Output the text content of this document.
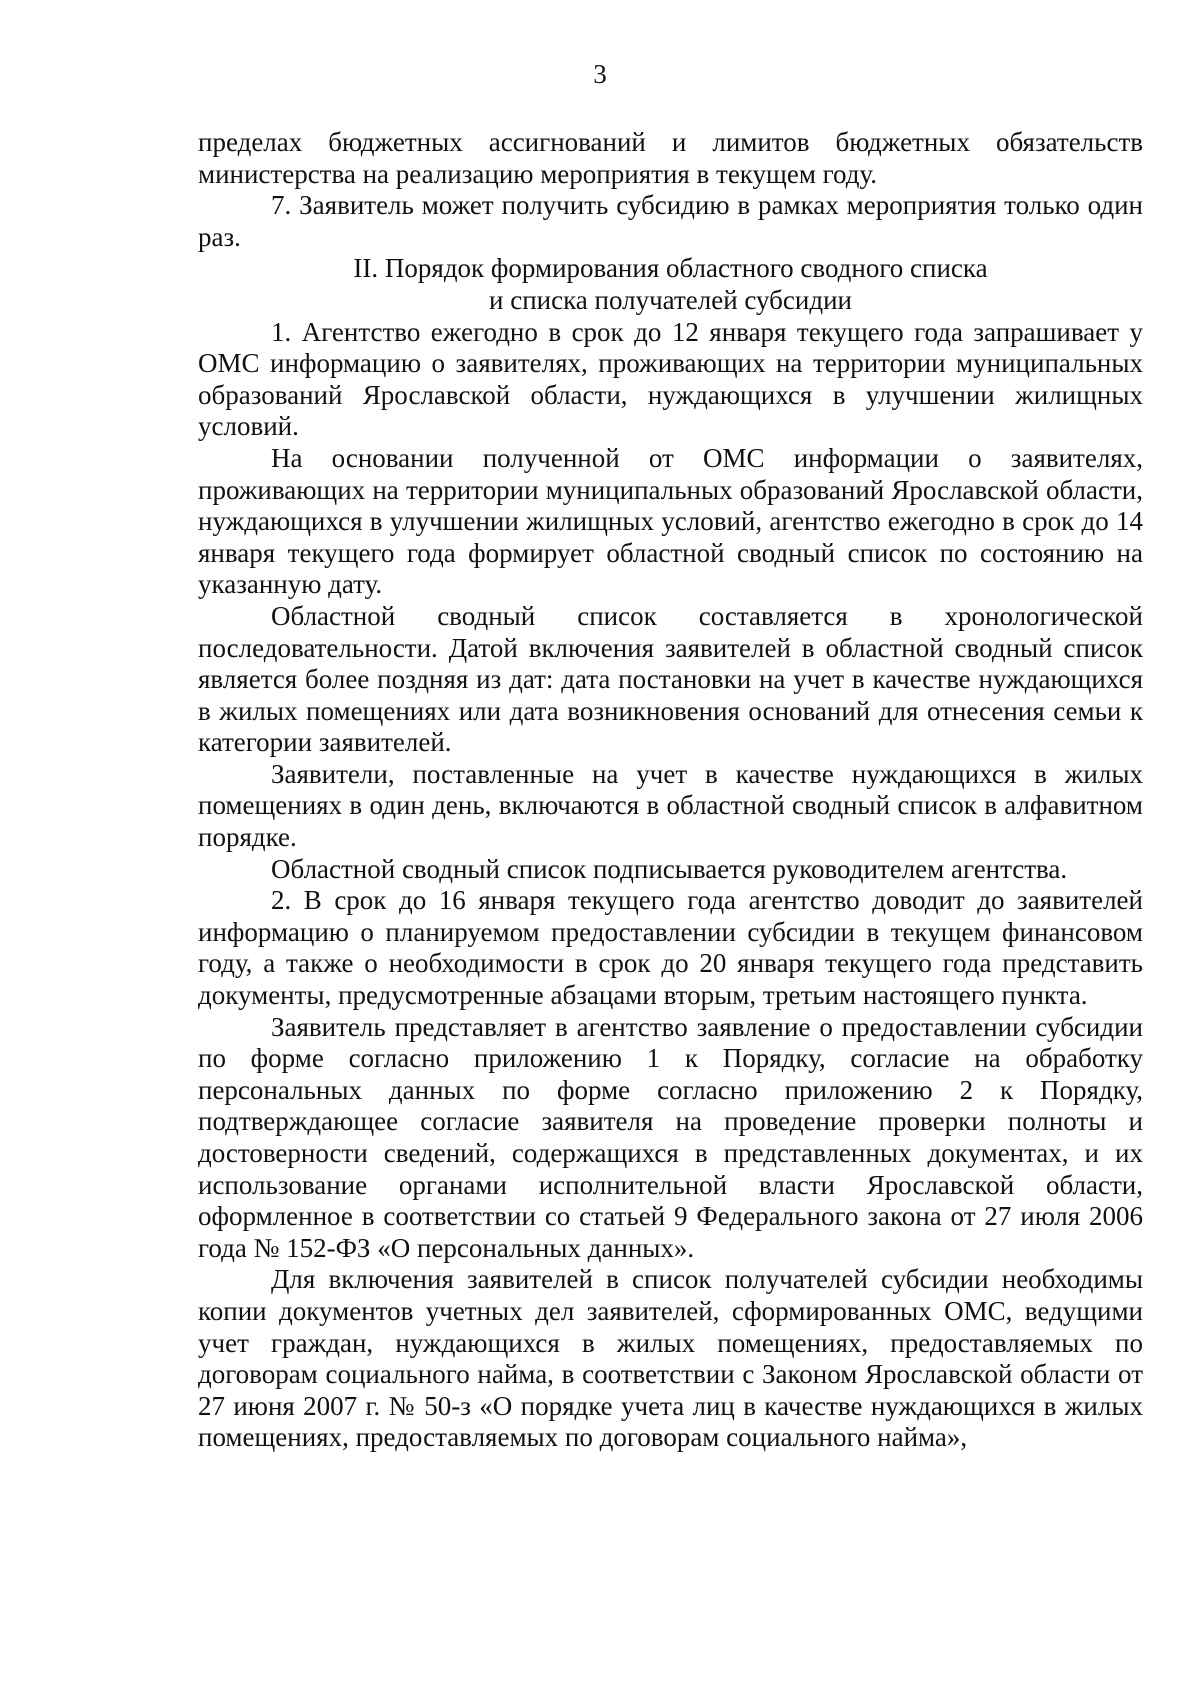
3

пределах бюджетных ассигнований и лимитов бюджетных обязательств министерства на реализацию мероприятия в текущем году.

7. Заявитель может получить субсидию в рамках мероприятия только один раз.

II. Порядок формирования областного сводного списка
и списка получателей субсидии

1. Агентство ежегодно в срок до 12 января текущего года запрашивает у ОМС информацию о заявителях, проживающих на территории муниципальных образований Ярославской области, нуждающихся в улучшении жилищных условий.

На основании полученной от ОМС информации о заявителях, проживающих на территории муниципальных образований Ярославской области, нуждающихся в улучшении жилищных условий, агентство ежегодно в срок до 14 января текущего года формирует областной сводный список по состоянию на указанную дату.

Областной сводный список составляется в хронологической последовательности. Датой включения заявителей в областной сводный список является более поздняя из дат: дата постановки на учет в качестве нуждающихся в жилых помещениях или дата возникновения оснований для отнесения семьи к категории заявителей.

Заявители, поставленные на учет в качестве нуждающихся в жилых помещениях в один день, включаются в областной сводный список в алфавитном порядке.

Областной сводный список подписывается руководителем агентства.

2. В срок до 16 января текущего года агентство доводит до заявителей информацию о планируемом предоставлении субсидии в текущем финансовом году, а также о необходимости в срок до 20 января текущего года представить документы, предусмотренные абзацами вторым, третьим настоящего пункта.

Заявитель представляет в агентство заявление о предоставлении субсидии по форме согласно приложению 1 к Порядку, согласие на обработку персональных данных по форме согласно приложению 2 к Порядку, подтверждающее согласие заявителя на проведение проверки полноты и достоверности сведений, содержащихся в представленных документах, и их использование органами исполнительной власти Ярославской области, оформленное в соответствии со статьей 9 Федерального закона от 27 июля 2006 года № 152-ФЗ «О персональных данных».

Для включения заявителей в список получателей субсидии необходимы копии документов учетных дел заявителей, сформированных ОМС, ведущими учет граждан, нуждающихся в жилых помещениях, предоставляемых по договорам социального найма, в соответствии с Законом Ярославской области от 27 июня 2007 г. № 50-з «О порядке учета лиц в качестве нуждающихся в жилых помещениях, предоставляемых по договорам социального найма»,
